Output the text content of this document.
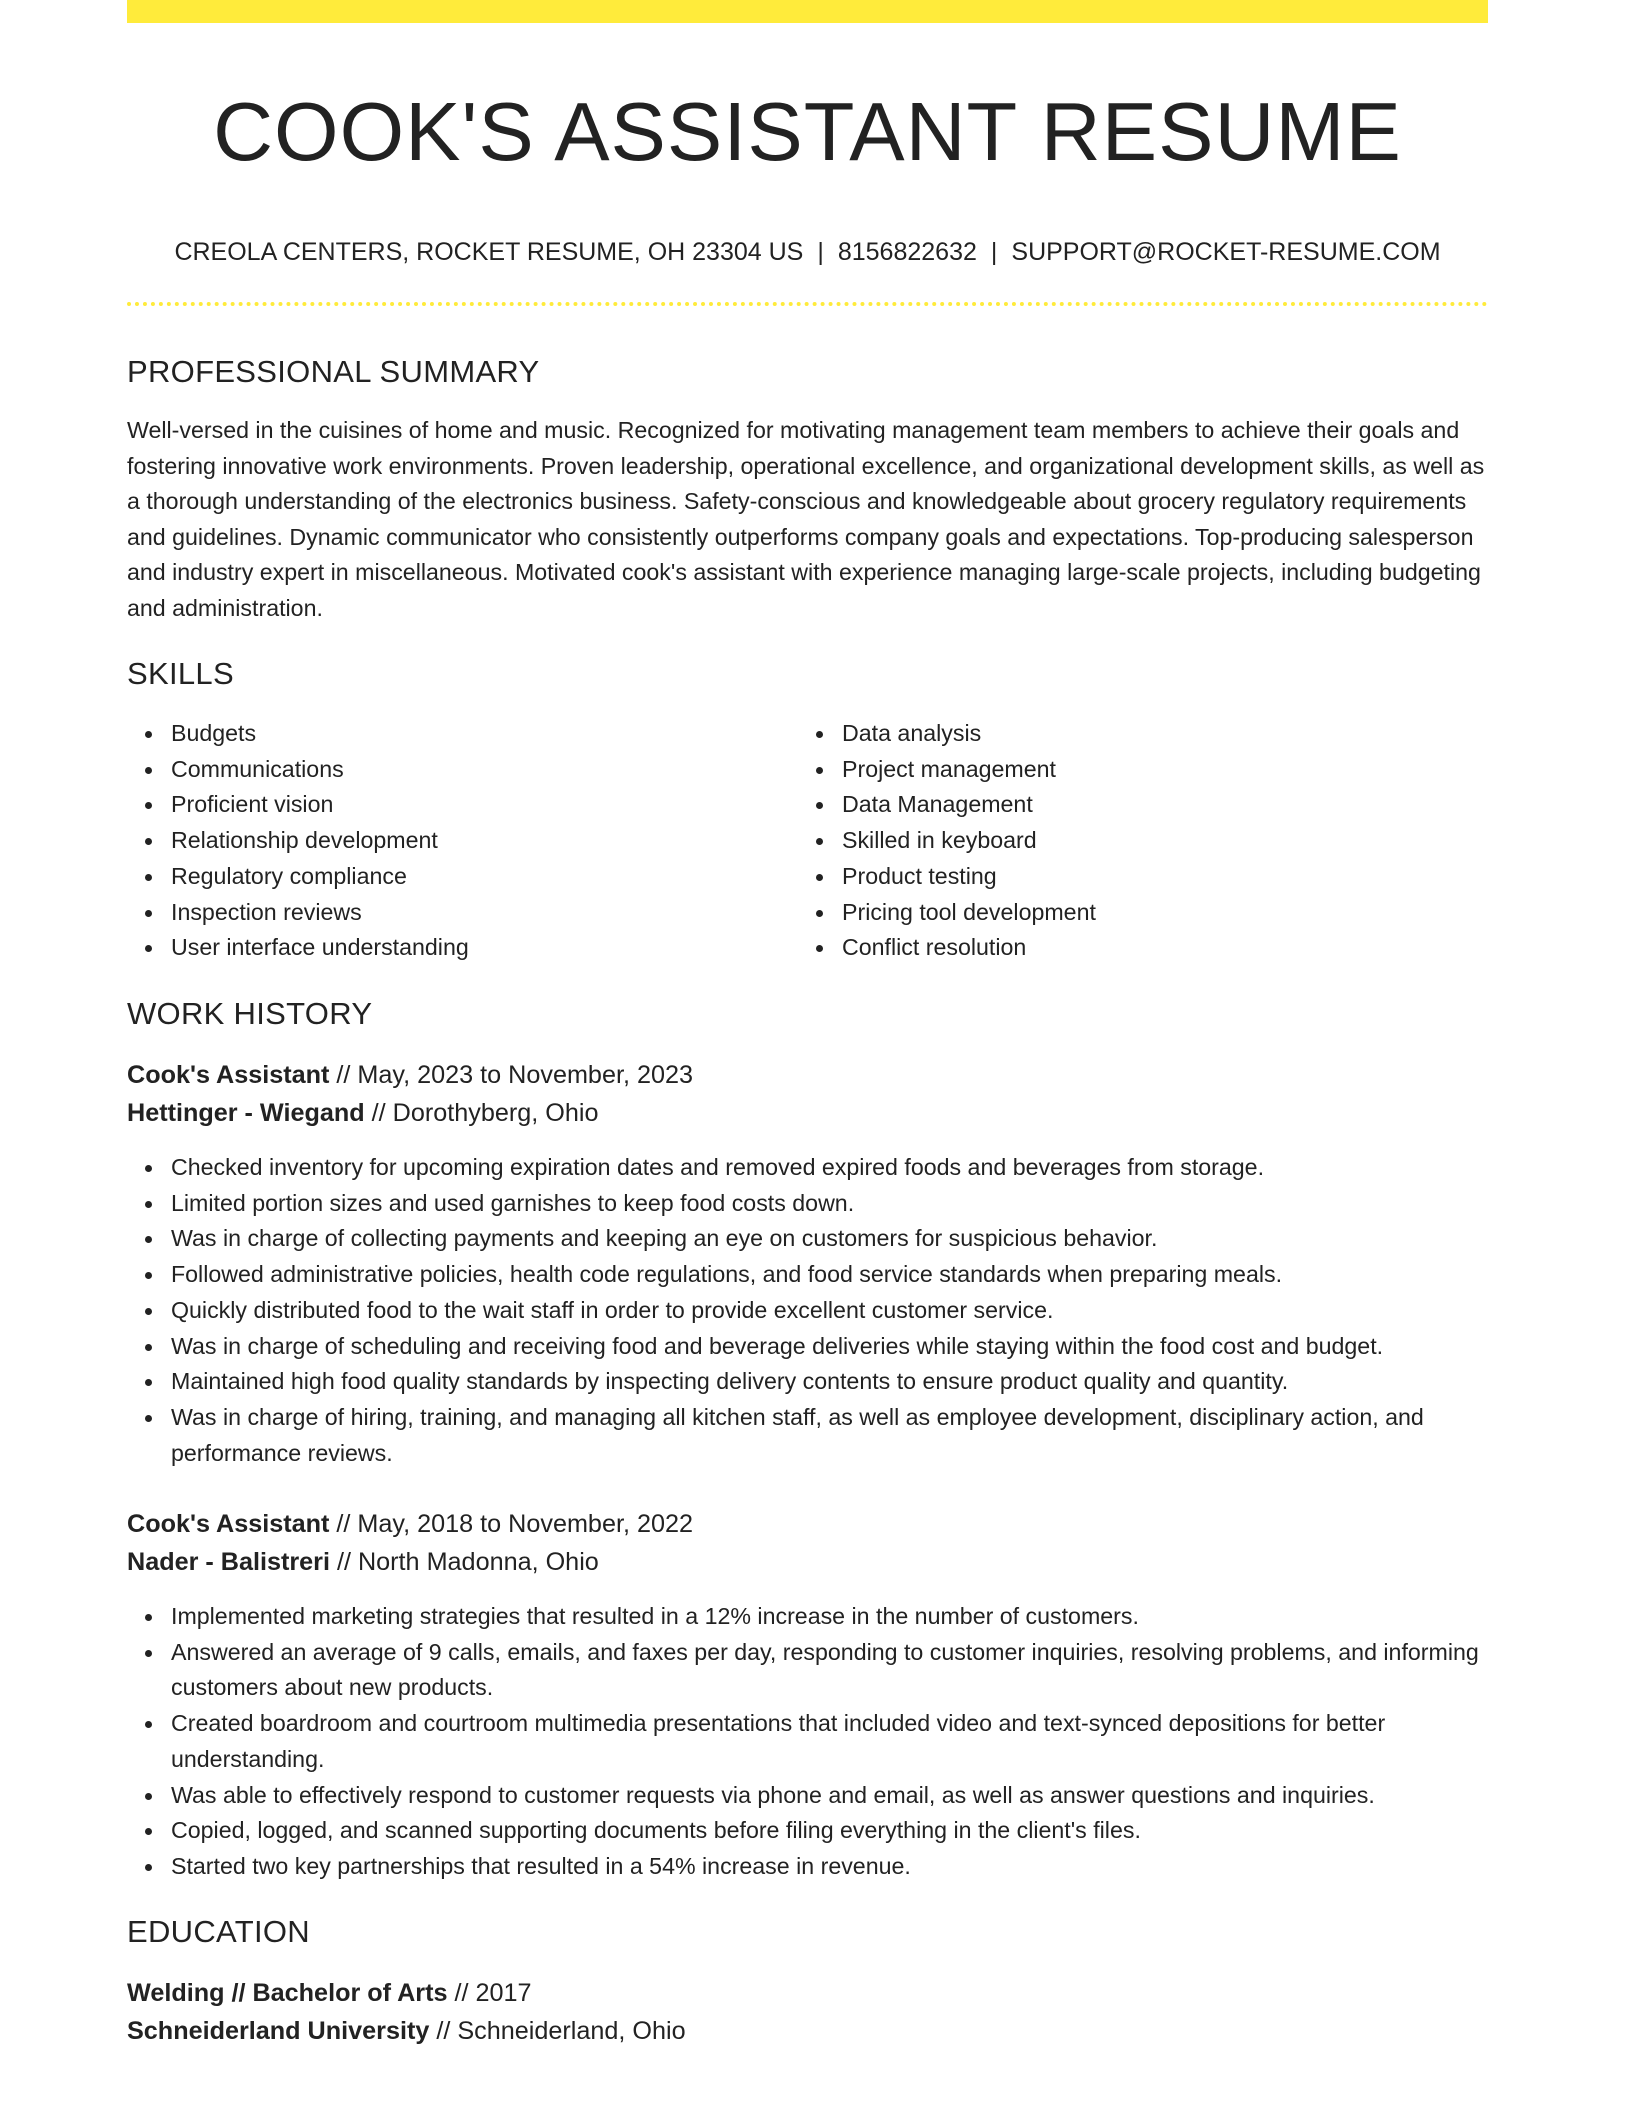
COOK'S ASSISTANT RESUME
CREOLA CENTERS, ROCKET RESUME, OH 23304 US | 8156822632 | SUPPORT@ROCKET-RESUME.COM
PROFESSIONAL SUMMARY

Well-versed in the cuisines of home and music. Recognized for motivating management team members to achieve their goals and fostering innovative work environments. Proven leadership, operational excellence, and organizational development skills, as well as a thorough understanding of the electronics business. Safety-conscious and knowledgeable about grocery regulatory requirements and guidelines. Dynamic communicator who consistently outperforms company goals and expectations. Top-producing salesperson and industry expert in miscellaneous. Motivated cook's assistant with experience managing large-scale projects, including budgeting and administration.

SKILLS
Budgets
Communications
Proficient vision
Relationship development
Regulatory compliance
Inspection reviews
User interface understanding
Data analysis
Project management
Data Management
Skilled in keyboard
Product testing
Pricing tool development
Conflict resolution
WORK HISTORY
Cook's Assistant // May, 2023 to November, 2023
Hettinger - Wiegand // Dorothyberg, Ohio
Checked inventory for upcoming expiration dates and removed expired foods and beverages from storage.
Limited portion sizes and used garnishes to keep food costs down.
Was in charge of collecting payments and keeping an eye on customers for suspicious behavior.
Followed administrative policies, health code regulations, and food service standards when preparing meals.
Quickly distributed food to the wait staff in order to provide excellent customer service.
Was in charge of scheduling and receiving food and beverage deliveries while staying within the food cost and budget.
Maintained high food quality standards by inspecting delivery contents to ensure product quality and quantity.
Was in charge of hiring, training, and managing all kitchen staff, as well as employee development, disciplinary action, and performance reviews.
Cook's Assistant // May, 2018 to November, 2022
Nader - Balistreri // North Madonna, Ohio
Implemented marketing strategies that resulted in a 12% increase in the number of customers.
Answered an average of 9 calls, emails, and faxes per day, responding to customer inquiries, resolving problems, and informing customers about new products.
Created boardroom and courtroom multimedia presentations that included video and text-synced depositions for better understanding.
Was able to effectively respond to customer requests via phone and email, as well as answer questions and inquiries.
Copied, logged, and scanned supporting documents before filing everything in the client's files.
Started two key partnerships that resulted in a 54% increase in revenue.
EDUCATION
Welding // Bachelor of Arts // 2017
Schneiderland University // Schneiderland, Ohio
